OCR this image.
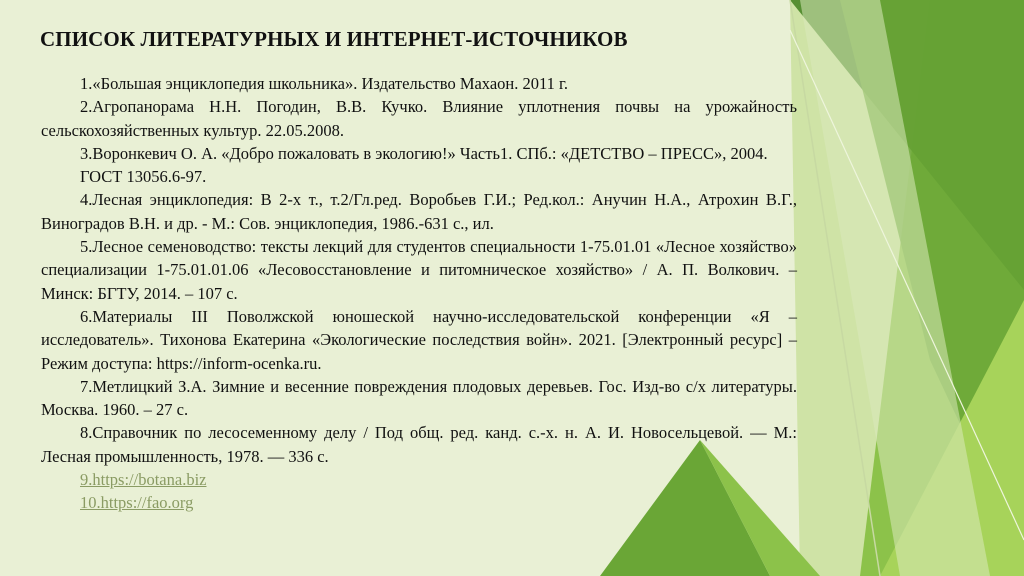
СПИСОК ЛИТЕРАТУРНЫХ И ИНТЕРНЕТ-ИСТОЧНИКОВ

1.«Большая энциклопедия школьника». Издательство Махаон. 2011 г.

2.Агропанорама Н.Н. Погодин, В.В. Кучко. Влияние уплотнения почвы на урожайность сельскохозяйственных культур. 22.05.2008.

3.Воронкевич О. А. «Добро пожаловать в экологию!» Часть1. СПб.: «ДЕТСТВО – ПРЕСС», 2004.

ГОСТ 13056.6-97.

4.Лесная энциклопедия: В 2-х т., т.2/Гл.ред. Воробьев Г.И.; Ред.кол.: Анучин Н.А., Атрохин В.Г., Виноградов В.Н. и др. - М.: Сов. энциклопедия, 1986.-631 с., ил.

5.Лесное семеноводство: тексты лекций для студентов специальности 1-75.01.01 «Лесное хозяйство» специализации 1-75.01.01.06 «Лесовосстановление и питомническое хозяйство» / А. П. Волкович. – Минск: БГТУ, 2014. – 107 с.

6.Материалы III Поволжской юношеской научно-исследовательской конференции «Я – исследователь». Тихонова Екатерина «Экологические последствия войн». 2021. [Электронный ресурс] – Режим доступа: https://inform-ocenka.ru.

7.Метлицкий З.А. Зимние и весенние повреждения плодовых деревьев. Гос. Изд-во с/х литературы. Москва. 1960. – 27 с.

8.Справочник по лесосеменному делу / Под общ. ред. канд. с.-х. н. А. И. Новосельцевой. — М.: Лесная промышленность, 1978. — 336 с.

9.https://botana.biz

10.https://fao.org
